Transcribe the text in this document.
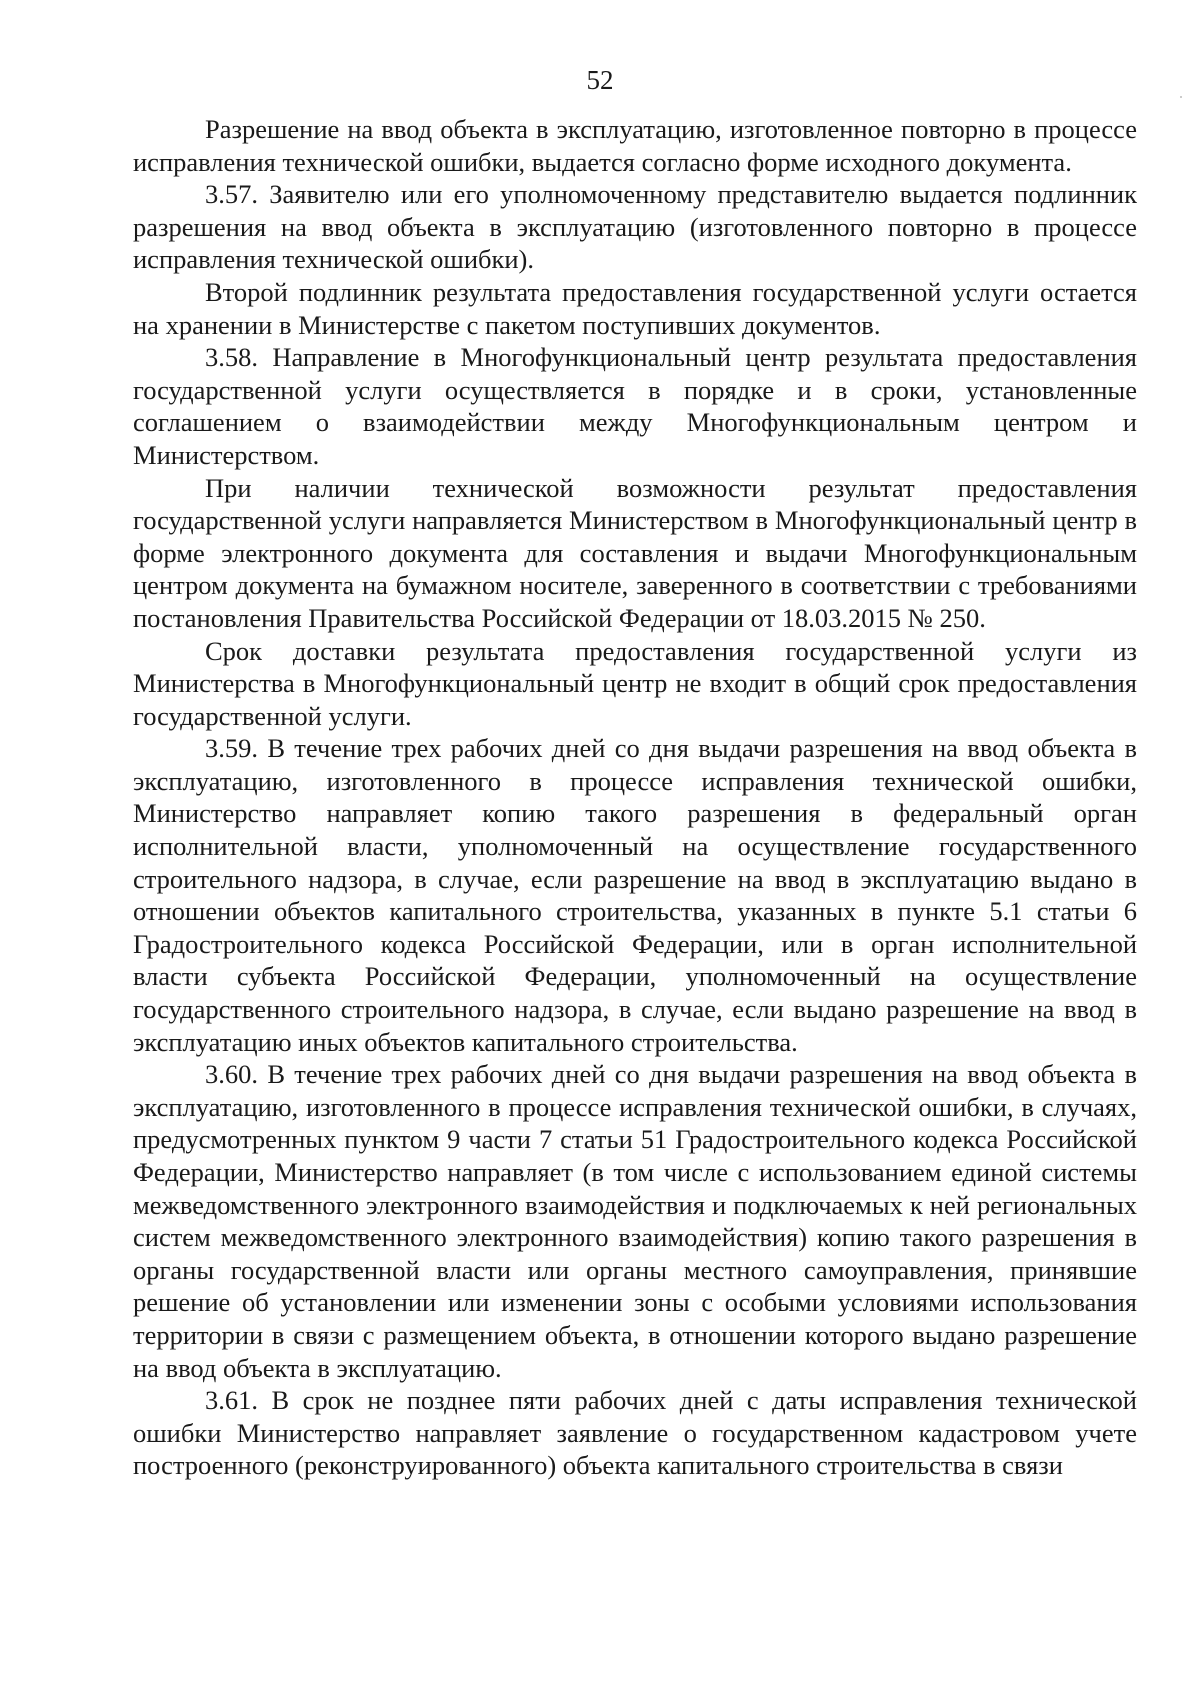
52

Разрешение на ввод объекта в эксплуатацию, изготовленное повторно в процессе исправления технической ошибки, выдается согласно форме исходного документа.

3.57. Заявителю или его уполномоченному представителю выдается подлинник разрешения на ввод объекта в эксплуатацию (изготовленного повторно в процессе исправления технической ошибки).

Второй подлинник результата предоставления государственной услуги остается на хранении в Министерстве с пакетом поступивших документов.

3.58. Направление в Многофункциональный центр результата предоставления государственной услуги осуществляется в порядке и в сроки, установленные соглашением о взаимодействии между Многофункциональным центром и Министерством.

При наличии технической возможности результат предоставления государственной услуги направляется Министерством в Многофункциональный центр в форме электронного документа для составления и выдачи Многофункциональным центром документа на бумажном носителе, заверенного в соответствии с требованиями постановления Правительства Российской Федерации от 18.03.2015 № 250.

Срок доставки результата предоставления государственной услуги из Министерства в Многофункциональный центр не входит в общий срок предоставления государственной услуги.

3.59. В течение трех рабочих дней со дня выдачи разрешения на ввод объекта в эксплуатацию, изготовленного в процессе исправления технической ошибки, Министерство направляет копию такого разрешения в федеральный орган исполнительной власти, уполномоченный на осуществление государственного строительного надзора, в случае, если разрешение на ввод в эксплуатацию выдано в отношении объектов капитального строительства, указанных в пункте 5.1 статьи 6 Градостроительного кодекса Российской Федерации, или в орган исполнительной власти субъекта Российской Федерации, уполномоченный на осуществление государственного строительного надзора, в случае, если выдано разрешение на ввод в эксплуатацию иных объектов капитального строительства.

3.60. В течение трех рабочих дней со дня выдачи разрешения на ввод объекта в эксплуатацию, изготовленного в процессе исправления технической ошибки, в случаях, предусмотренных пунктом 9 части 7 статьи 51 Градостроительного кодекса Российской Федерации, Министерство направляет (в том числе с использованием единой системы межведомственного электронного взаимодействия и подключаемых к ней региональных систем межведомственного электронного взаимодействия) копию такого разрешения в органы государственной власти или органы местного самоуправления, принявшие решение об установлении или изменении зоны с особыми условиями использования территории в связи с размещением объекта, в отношении которого выдано разрешение на ввод объекта в эксплуатацию.

3.61. В срок не позднее пяти рабочих дней с даты исправления технической ошибки Министерство направляет заявление о государственном кадастровом учете построенного (реконструированного) объекта капитального строительства в связи
